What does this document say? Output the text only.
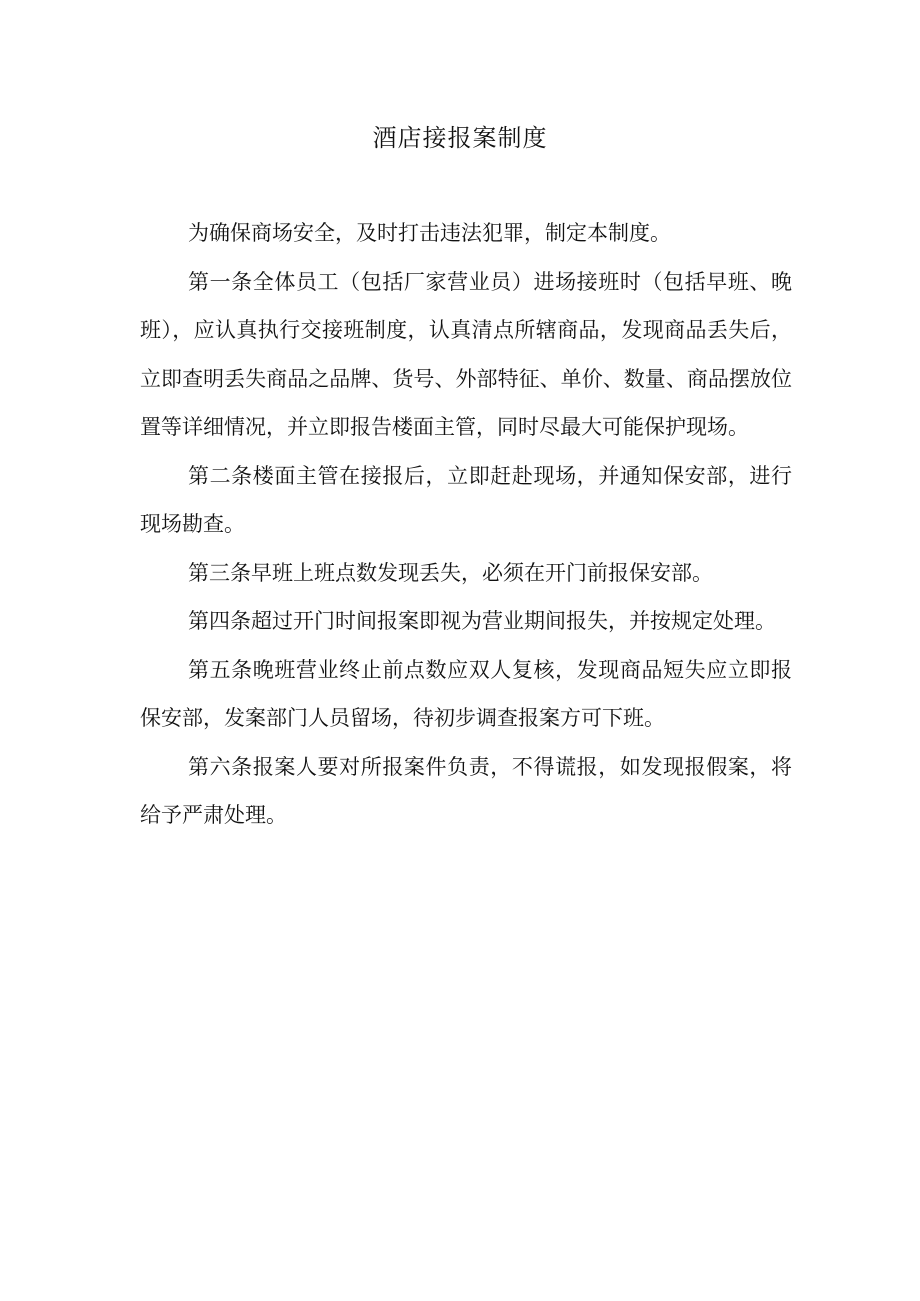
酒店接报案制度

为确保商场安全，及时打击违法犯罪，制定本制度。

第一条全体员工（包括厂家营业员）进场接班时（包括早班、晚班），应认真执行交接班制度，认真清点所辖商品，发现商品丢失后，立即查明丢失商品之品牌、货号、外部特征、单价、数量、商品摆放位置等详细情况，并立即报告楼面主管，同时尽最大可能保护现场。

第二条楼面主管在接报后，立即赶赴现场，并通知保安部，进行现场勘查。

第三条早班上班点数发现丢失，必须在开门前报保安部。

第四条超过开门时间报案即视为营业期间报失，并按规定处理。

第五条晚班营业终止前点数应双人复核，发现商品短失应立即报保安部，发案部门人员留场，待初步调查报案方可下班。

第六条报案人要对所报案件负责，不得谎报，如发现报假案，将给予严肃处理。
